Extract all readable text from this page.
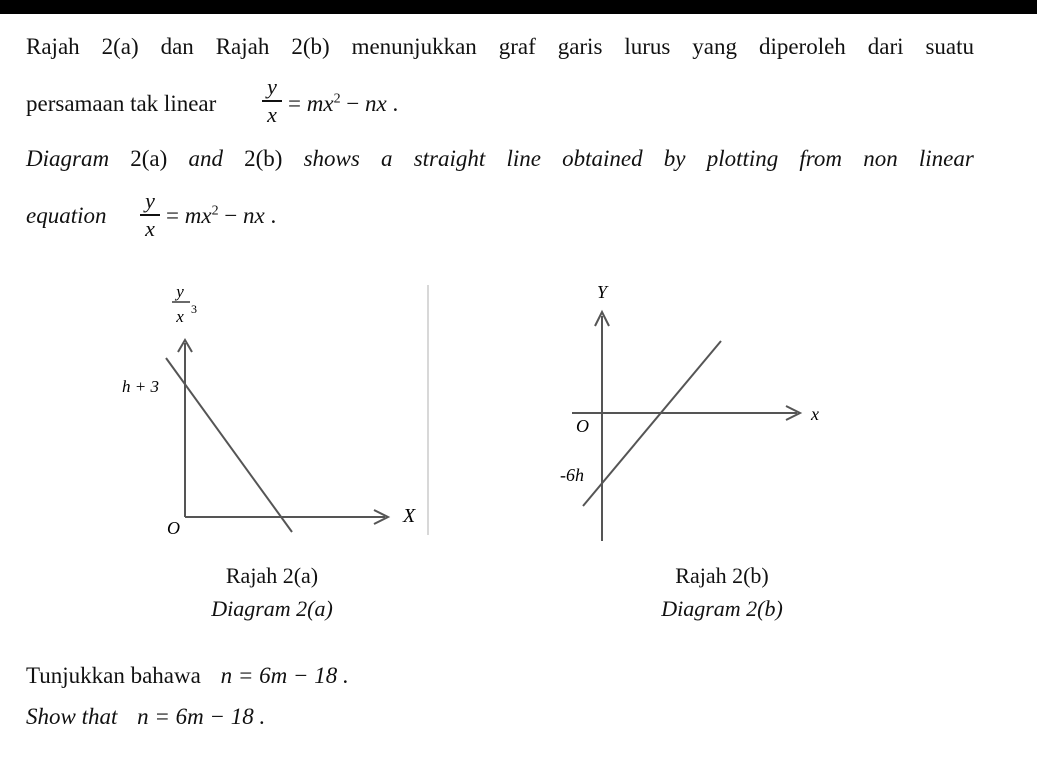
Rajah 2(a) dan Rajah 2(b) menunjukkan graf garis lurus yang diperoleh dari suatu
persamaan tak linear
y
$x = mx^2$ − nx .
Diagram 2(a) and 2(b) shows a straight line obtained by plotting from non linear
equation
y
$x = mx^2$ − nx .
y
x 3
h + 3
O
X
Y
x
O
-6h
Rajah 2(a)
Diagram 2(a)
Rajah 2(b)
Diagram 2(b)
Tunjukkan bahawa n = 6m − 18 .
Show that n = 6m − 18 .
